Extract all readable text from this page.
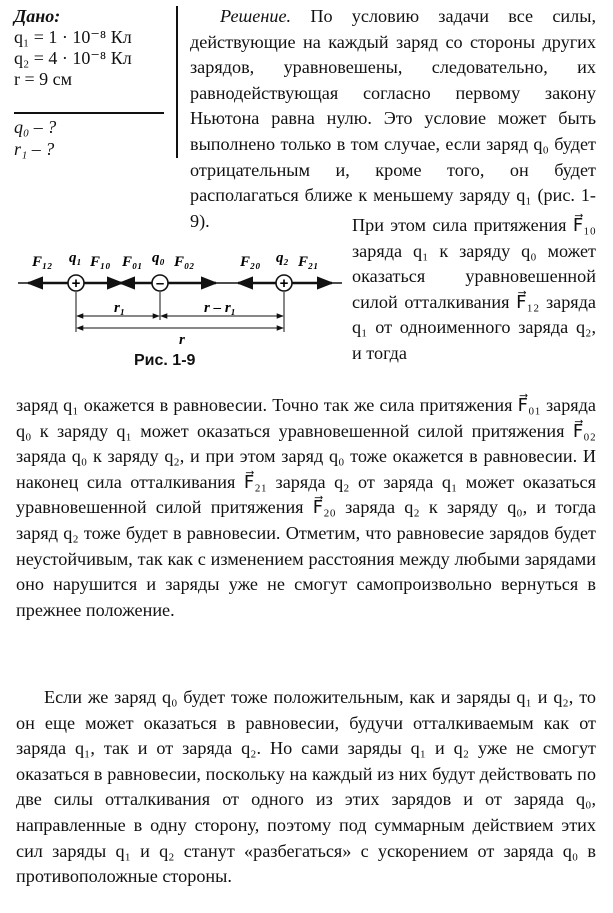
Дано:
q₁ = 1 · 10⁻⁸ Кл
q₂ = 4 · 10⁻⁸ Кл
r = 9 см
q₀ – ?
r₁ – ?
Решение. По условию задачи все силы, действующие на каждый заряд со стороны других зарядов, уравновешены, следовательно, их равнодействующая согласно первому закону Ньютона равна нулю. Это условие может быть выполнено только в том случае, если заряд q₀ будет отрицательным и, кроме того, он будет располагаться ближе к меньшему заряду q₁ (рис. 1-9).
+	–	+
F₁₂ q₁ F₁₀ F₀₁ q₀ F₀₂	F₂₀ q₂ F₂₁
r₁	r – r₁
r
Рис. 1-9
При этом сила притяжения F⃗₁₀ заряда q₁ к заряду q₀ может оказаться уравновешенной силой отталкивания F⃗₁₂ заряда q₁ от одноименного заряда q₂, и тогда
заряд q₁ окажется в равновесии. Точно так же сила притяжения F⃗₀₁ заряда q₀ к заряду q₁ может оказаться уравновешенной силой притяжения F⃗₀₂ заряда q₀ к заряду q₂, и при этом заряд q₀ тоже окажется в равновесии. И наконец сила отталкивания F⃗₂₁ заряда q₂ от заряда q₁ может оказаться уравновешенной силой притяжения F⃗₂₀ заряда q₂ к заряду q₀, и тогда заряд q₂ тоже будет в равновесии. Отметим, что равновесие зарядов будет неустойчивым, так как с изменением расстояния между любыми зарядами оно нарушится и заряды уже не смогут самопроизвольно вернуться в прежнее положение.
Если же заряд q₀ будет тоже положительным, как и заряды q₁ и q₂, то он еще может оказаться в равновесии, будучи отталкиваемым как от заряда q₁, так и от заряда q₂. Но сами заряды q₁ и q₂ уже не смогут оказаться в равновесии, поскольку на каждый из них будут действовать по две силы отталкивания от одного из этих зарядов и от заряда q₀, направленные в одну сторону, поэтому под суммарным действием этих сил заряды q₁ и q₂ станут «разбегаться» с ускорением от заряда q₀ в противоположные стороны.
